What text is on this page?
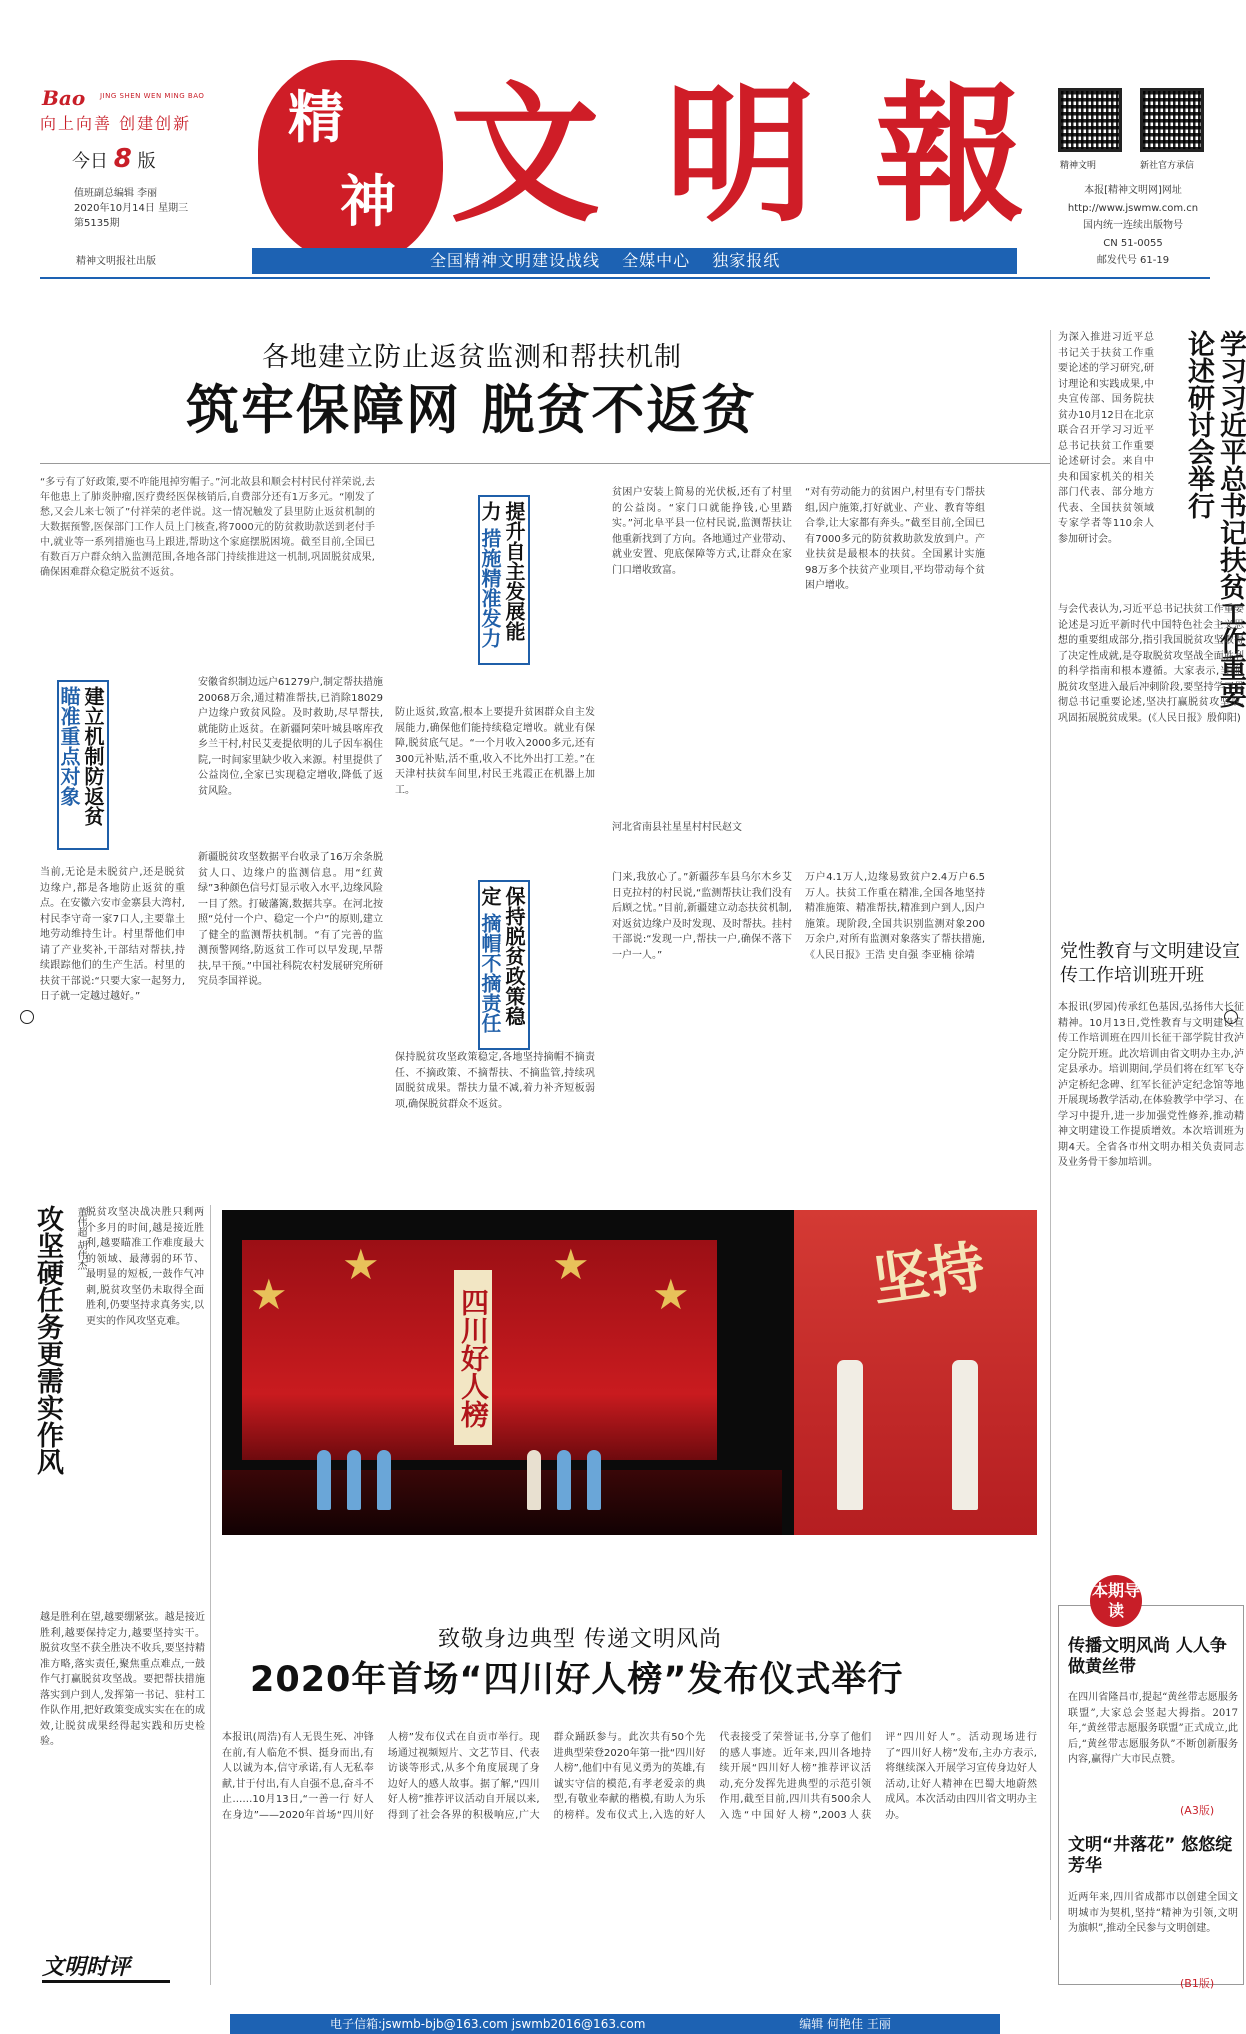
Bao	JING SHEN WEN MING BAO
向上向善 创建创新
今日 8 版
值班副总编辑 李丽
2020年10月14日 星期三
第5135期
精神文明报社出版
精
神 文 明 報	精神文明	新社官方承信
本报[精神文明网]网址
http://www.jswmw.com.cn
国内统一连续出版物号
CN 51-0055
邮发代号 61-19
全国精神文明建设战线 全媒中心 独家报纸
各地建立防止返贫监测和帮扶机制
筑牢保障网 脱贫不返贫
“多亏有了好政策,要不咋能甩掉穷帽子。”河北故县和顺会村村民付祥荣说,去年他患上了肺炎肿瘤,医疗费经医保核销后,自费部分还有1万多元。“刚发了愁,又会儿来七领了”付祥荣的老伴说。这一情况触发了县里防止返贫机制的大数据预警,医保部门工作人员上门核查,将7000元的防贫救助款送到老付手中,就业等一系列措施也马上跟进,帮助这个家庭摆脱困境。截至目前,全国已有数百万户群众纳入监测范围,各地各部门持续推进这一机制,巩固脱贫成果,确保困难群众稳定脱贫不返贫。
安徽省织制边远户61279户,制定帮扶措施20068万余,通过精准帮扶,已消除18029户边缘户致贫风险。及时救助,尽早帮扶,就能防止返贫。在新疆阿荣叶城县喀库孜乡兰干村,村民艾麦提依明的儿子因车祸住院,一时间家里缺少收入来源。村里提供了公益岗位,全家已实现稳定增收,降低了返贫风险。
当前,无论是未脱贫户,还是脱贫边缘户,都是各地防止返贫的重点。在安徽六安市金寨县大湾村,村民李守奇一家7口人,主要靠土地劳动维持生计。村里帮他们申请了产业奖补,干部结对帮扶,持续跟踪他们的生产生活。村里的扶贫干部说:“只要大家一起努力,日子就一定越过越好。”
新疆脱贫攻坚数据平台收录了16万余条脱贫人口、边缘户的监测信息。用“红黄绿”3种颜色信号灯显示收入水平,边缘风险一目了然。打破藩篱,数据共享。在河北按照“兑付一个户、稳定一个户”的原则,建立了健全的监测帮扶机制。“有了完善的监测预警网络,防返贫工作可以早发现,早帮扶,早干预。”中国社科院农村发展研究所研究员李国祥说。
防止返贫,致富,根本上要提升贫困群众自主发展能力,确保他们能持续稳定增收。就业有保障,脱贫底气足。“一个月收入2000多元,还有300元补贴,活不重,收入不比外出打工差。”在天津村扶贫车间里,村民王兆霞正在机器上加工。
保持脱贫攻坚政策稳定,各地坚持摘帽不摘责任、不摘政策、不摘帮扶、不摘监管,持续巩固脱贫成果。帮扶力量不减,着力补齐短板弱项,确保脱贫群众不返贫。
贫困户安装上简易的光伏板,还有了村里的公益岗。“家门口就能挣钱,心里踏实。”河北阜平县一位村民说,监测帮扶让他重新找到了方向。各地通过产业带动、就业安置、兜底保障等方式,让群众在家门口增收致富。
“对有劳动能力的贫困户,村里有专门帮扶组,因户施策,打好就业、产业、教育等组合拳,让大家都有奔头。”截至目前,全国已有7000多元的防贫救助款发放到户。产业扶贫是最根本的扶贫。全国累计实施98万多个扶贫产业项目,平均带动每个贫困户增收。
门来,我放心了。”新疆莎车县乌尔木乡艾日克拉村的村民说,“监测帮扶让我们没有后顾之忧。”目前,新疆建立动态扶贫机制,对返贫边缘户及时发现、及时帮扶。挂村干部说:“发现一户,帮扶一户,确保不落下一户一人。”
万户4.1万人,边缘易致贫户2.4万户6.5万人。扶贫工作重在精准,全国各地坚持精准施策、精准帮扶,精准到户到人,因户施策。现阶段,全国共识别监测对象200万余户,对所有监测对象落实了帮扶措施,《人民日报》王浩 史自强 李亚楠 徐靖
河北省南县社星星村村民赵文
提升自主发展能力 措施精准发力
建立机制防返贫 瞄准重点对象
保持脱贫政策稳定 摘帽不摘责任
学习习近平总书记扶贫工作重要论述研讨会举行
为深入推进习近平总书记关于扶贫工作重要论述的学习研究,研讨理论和实践成果,中央宣传部、国务院扶贫办10月12日在北京联合召开学习习近平总书记扶贫工作重要论述研讨会。来自中央和国家机关的相关部门代表、部分地方代表、全国扶贫领域专家学者等110余人参加研讨会。
与会代表认为,习近平总书记扶贫工作重要论述是习近平新时代中国特色社会主义思想的重要组成部分,指引我国脱贫攻坚取得了决定性成就,是夺取脱贫攻坚战全面胜利的科学指南和根本遵循。大家表示,当前,脱贫攻坚进入最后冲刺阶段,要坚持学习贯彻总书记重要论述,坚决打赢脱贫攻坚战,巩固拓展脱贫成果。(《人民日报》殷仰阳)
党性教育与文明建设宣传工作培训班开班
本报讯(罗园)传承红色基因,弘扬伟大长征精神。10月13日,党性教育与文明建设宣传工作培训班在四川长征干部学院甘孜泸定分院开班。此次培训由省文明办主办,泸定县承办。培训期间,学员们将在红军飞夺泸定桥纪念碑、红军长征泸定纪念馆等地开展现场教学活动,在体验教学中学习、在学习中提升,进一步加强党性修养,推动精神文明建设工作提质增效。本次培训班为期4天。全省各市州文明办相关负责同志及业务骨干参加培训。
攻坚硬任务更需实作风	董伟超 胡伟杰 脱贫攻坚决战决胜只剩两个多月的时间,越是接近胜利,越要瞄准工作难度最大的领域、最薄弱的环节、最明显的短板,一鼓作气冲刺,脱贫攻坚仍未取得全面胜利,仍要坚持求真务实,以更实的作风攻坚克难。
越是胜利在望,越要绷紧弦。越是接近胜利,越要保持定力,越要坚持实干。脱贫攻坚不获全胜决不收兵,要坚持精准方略,落实责任,聚焦重点难点,一鼓作气打赢脱贫攻坚战。要把帮扶措施落实到户到人,发挥第一书记、驻村工作队作用,把好政策变成实实在在的成效,让脱贫成果经得起实践和历史检验。
文明时评
★
★	★
★
四川好人榜
坚持
致敬身边典型 传递文明风尚
2020年首场“四川好人榜”发布仪式举行
本报讯(周浩)有人无畏生死、冲锋在前,有人临危不惧、挺身而出,有人以诚为本,信守承诺,有人无私奉献,甘于付出,有人自强不息,奋斗不止……10月13日,“一善一行 好人在身边”——2020年首场“四川好人榜”发布仪式在自贡市举行。现场通过视频短片、文艺节目、代表访谈等形式,从多个角度展现了身边好人的感人故事。据了解,“四川好人榜”推荐评议活动自开展以来,得到了社会各界的积极响应,广大群众踊跃参与。此次共有50个先进典型荣登2020年第一批“四川好人榜”,他们中有见义勇为的英雄,有诚实守信的模范,有孝老爱亲的典型,有敬业奉献的楷模,有助人为乐的榜样。发布仪式上,入选的好人代表接受了荣誉证书,分享了他们的感人事迹。近年来,四川各地持续开展“四川好人榜”推荐评议活动,充分发挥先进典型的示范引领作用,截至目前,四川共有500余人入选“中国好人榜”,2003人获评“四川好人”。活动现场进行了“四川好人榜”发布,主办方表示,将继续深入开展学习宣传身边好人活动,让好人精神在巴蜀大地蔚然成风。本次活动由四川省文明办主办。
本期导读
传播文明风尚 人人争做黄丝带
在四川省隆昌市,提起“黄丝带志愿服务联盟”,大家总会竖起大拇指。2017年,“黄丝带志愿服务联盟”正式成立,此后,“黄丝带志愿服务队”不断创新服务内容,赢得广大市民点赞。
(A3版)
文明“井落花” 悠悠绽芳华
近两年来,四川省成都市以创建全国文明城市为契机,坚持“精神为引领,文明为旗帜”,推动全民参与文明创建。
(B1版)
电子信箱:jswmb-bjb@163.com jswmb2016@163.com	编辑 何艳佳 王丽
